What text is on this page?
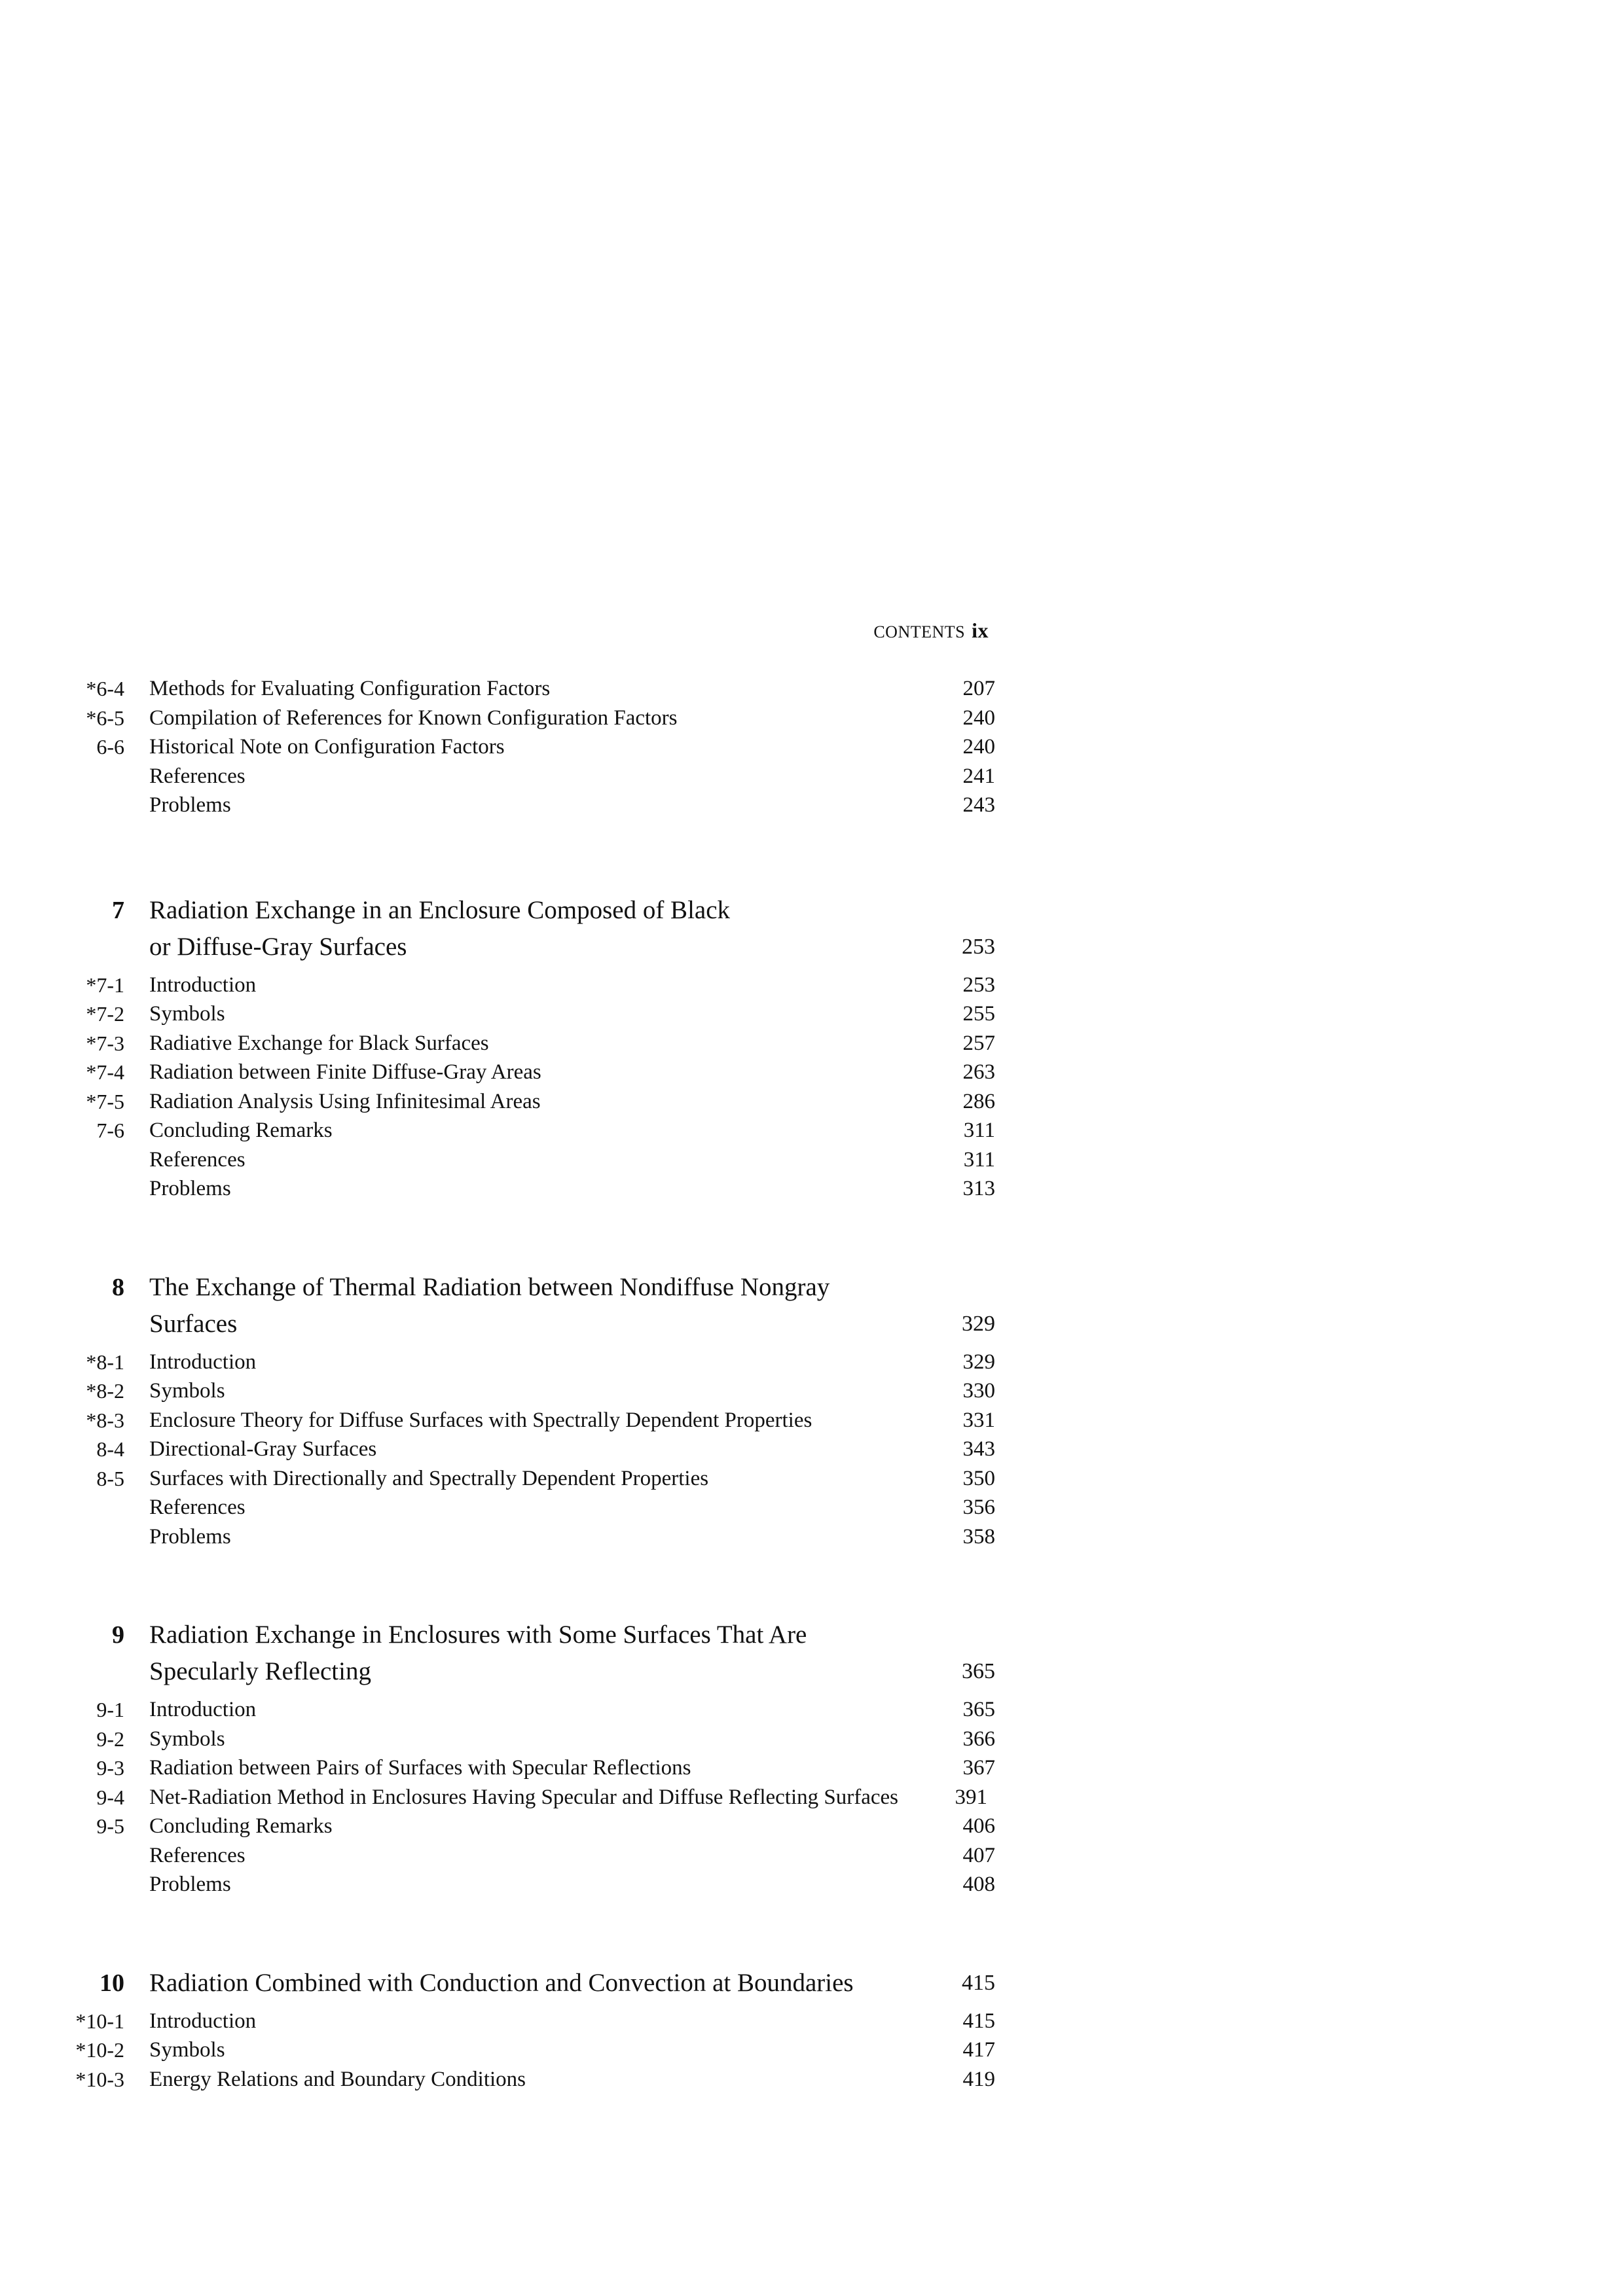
CONTENTS ix
*6-4 Methods for Evaluating Configuration Factors	207
*6-5 Compilation of References for Known Configuration Factors	240
6-6 Historical Note on Configuration Factors	240
References	241
Problems	243
7 Radiation Exchange in an Enclosure Composed of Black
or Diffuse-Gray Surfaces	253
*7-1 Introduction	253
*7-2 Symbols	255
*7-3 Radiative Exchange for Black Surfaces	257
*7-4 Radiation between Finite Diffuse-Gray Areas	263
*7-5 Radiation Analysis Using Infinitesimal Areas	286
7-6 Concluding Remarks	311
References	311
Problems	313
8 The Exchange of Thermal Radiation between Nondiffuse Nongray
Surfaces	329
*8-1 Introduction	329
*8-2 Symbols	330
*8-3 Enclosure Theory for Diffuse Surfaces with Spectrally Dependent Properties	331
8-4 Directional-Gray Surfaces	343
8-5 Surfaces with Directionally and Spectrally Dependent Properties	350
References	356
Problems	358
9 Radiation Exchange in Enclosures with Some Surfaces That Are
Specularly Reflecting	365
9-1 Introduction	365
9-2 Symbols	366
9-3 Radiation between Pairs of Surfaces with Specular Reflections	367
9-4 Net-Radiation Method in Enclosures Having Specular and Diffuse Reflecting Surfaces	391
9-5 Concluding Remarks	406
References	407
Problems	408
10 Radiation Combined with Conduction and Convection at Boundaries	415
*10-1 Introduction	415
*10-2 Symbols	417
*10-3 Energy Relations and Boundary Conditions	419
